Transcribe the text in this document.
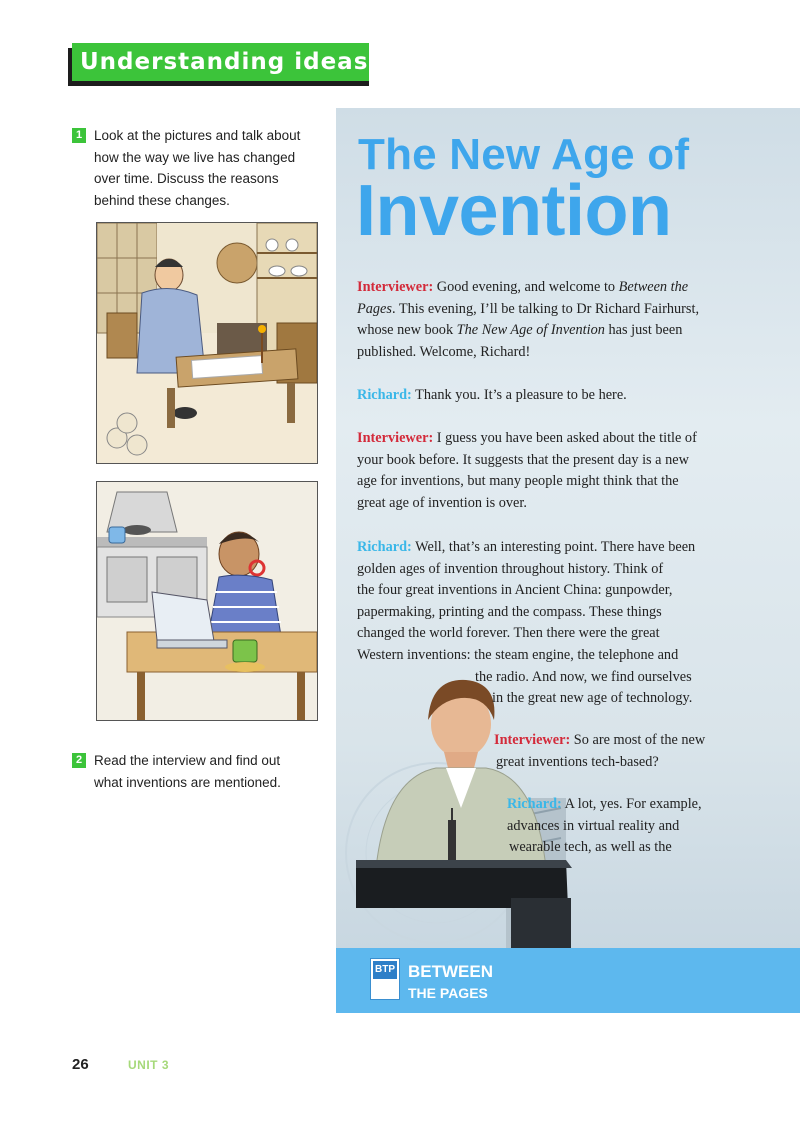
Understanding ideas
1 Look at the pictures and talk about
how the way we live has changed
over time. Discuss the reasons
behind these changes.
2 Read the interview and find out
what inventions are mentioned.
The New Age of
Invention
Interviewer: Good evening, and welcome to Between the
Pages. This evening, I’ll be talking to Dr Richard Fairhurst,
whose new book The New Age of Invention has just been
published. Welcome, Richard!
Richard: Thank you. It’s a pleasure to be here.
Interviewer: I guess you have been asked about the title of
your book before. It suggests that the present day is a new
age for inventions, but many people might think that the
great age of invention is over.
Richard: Well, that’s an interesting point. There have been
golden ages of invention throughout history. Think of
the four great inventions in Ancient China: gunpowder,
papermaking, printing and the compass. These things
changed the world forever. Then there were the great
Western inventions: the steam engine, the telephone and
the radio. And now, we find ourselves
in the great new age of technology.
Interviewer: So are most of the new
great inventions tech-based?
Richard: A lot, yes. For example,
advances in virtual reality and
wearable tech, as well as the
BTP BETWEEN
THE PAGES
26	UNIT 3
